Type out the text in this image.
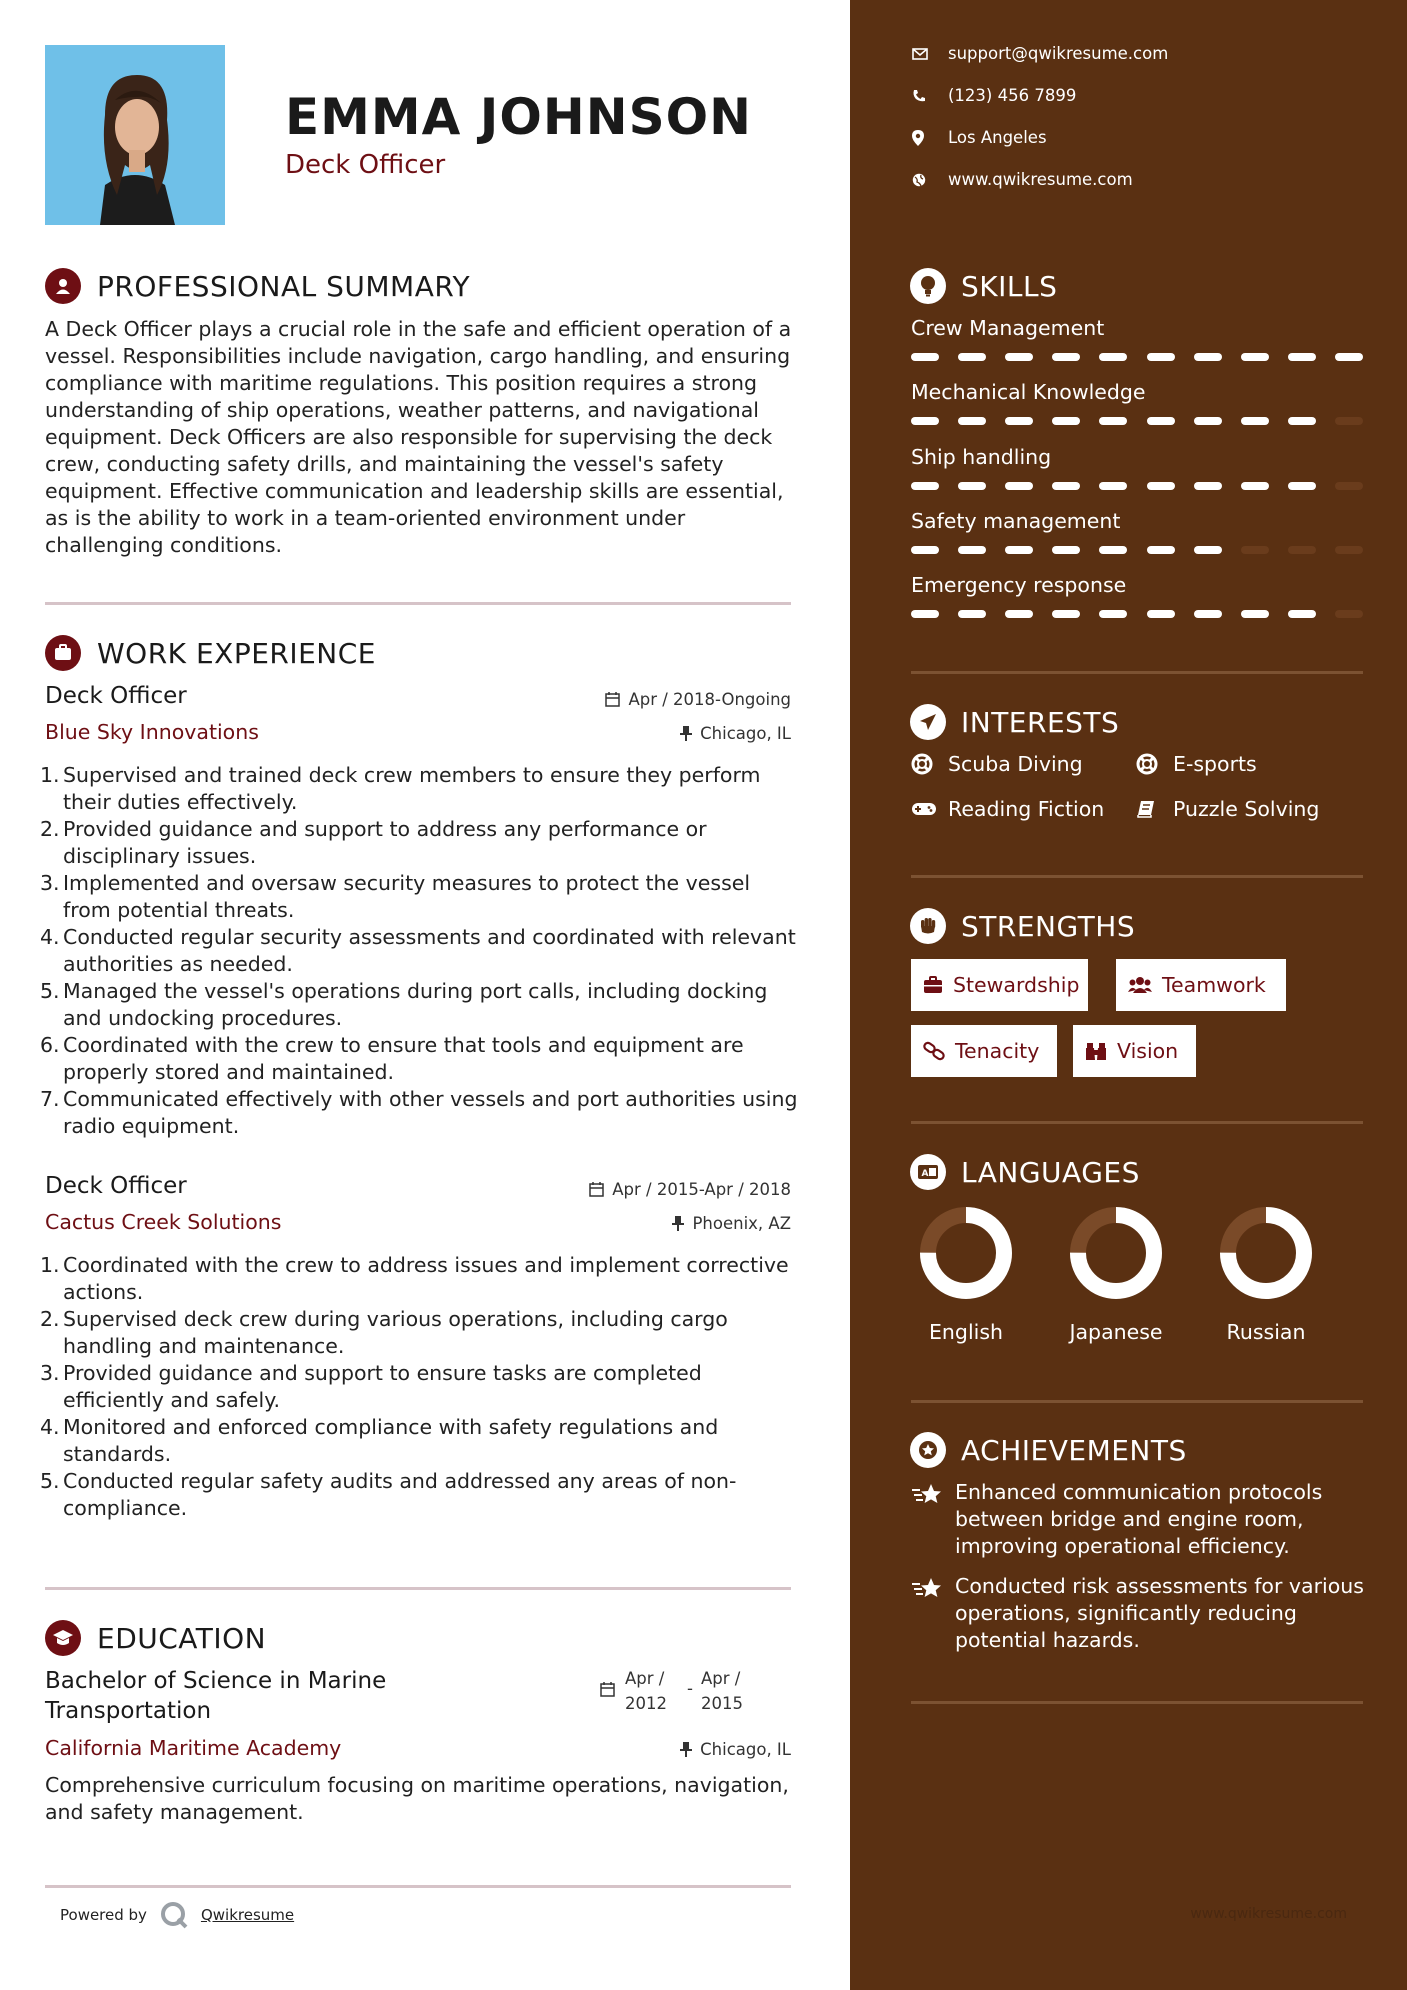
EMMA JOHNSON
Deck Officer
PROFESSIONAL SUMMARY
A Deck Officer plays a crucial role in the safe and efficient operation of a vessel. Responsibilities include navigation, cargo handling, and ensuring compliance with maritime regulations. This position requires a strong understanding of ship operations, weather patterns, and navigational equipment. Deck Officers are also responsible for supervising the deck crew, conducting safety drills, and maintaining the vessel's safety equipment. Effective communication and leadership skills are essential, as is the ability to work in a team-oriented environment under challenging conditions.
WORK EXPERIENCE
Deck Officer	Apr / 2018-Ongoing
Blue Sky Innovations	Chicago, IL
Supervised and trained deck crew members to ensure they perform their duties effectively.
Provided guidance and support to address any performance or disciplinary issues.
Implemented and oversaw security measures to protect the vessel from potential threats.
Conducted regular security assessments and coordinated with relevant authorities as needed.
Managed the vessel's operations during port calls, including docking and undocking procedures.
Coordinated with the crew to ensure that tools and equipment are properly stored and maintained.
Communicated effectively with other vessels and port authorities using radio equipment.
Deck Officer	Apr / 2015-Apr / 2018
Cactus Creek Solutions	Phoenix, AZ
Coordinated with the crew to address issues and implement corrective actions.
Supervised deck crew during various operations, including cargo handling and maintenance.
Provided guidance and support to ensure tasks are completed efficiently and safely.
Monitored and enforced compliance with safety regulations and standards.
Conducted regular safety audits and addressed any areas of non-compliance.
EDUCATION
Bachelor of Science in Marine Transportation
Apr /
2012
-
Apr /
2015
California Maritime Academy	Chicago, IL
Comprehensive curriculum focusing on maritime operations, navigation, and safety management.
Powered by	Qwikresume
support@qwikresume.com
(123) 456 7899
Los Angeles
www.qwikresume.com
SKILLS
Crew Management
Mechanical Knowledge
Ship handling
Safety management
Emergency response
INTERESTS
Scuba Diving	E-sports
Reading Fiction	Puzzle Solving
STRENGTHS
Stewardship	Teamwork
Tenacity	Vision
A LANGUAGES
English	Japanese	Russian
ACHIEVEMENTS
Enhanced communication protocols between bridge and engine room, improving operational efficiency.
Conducted risk assessments for various operations, significantly reducing potential hazards.
www.qwikresume.com
